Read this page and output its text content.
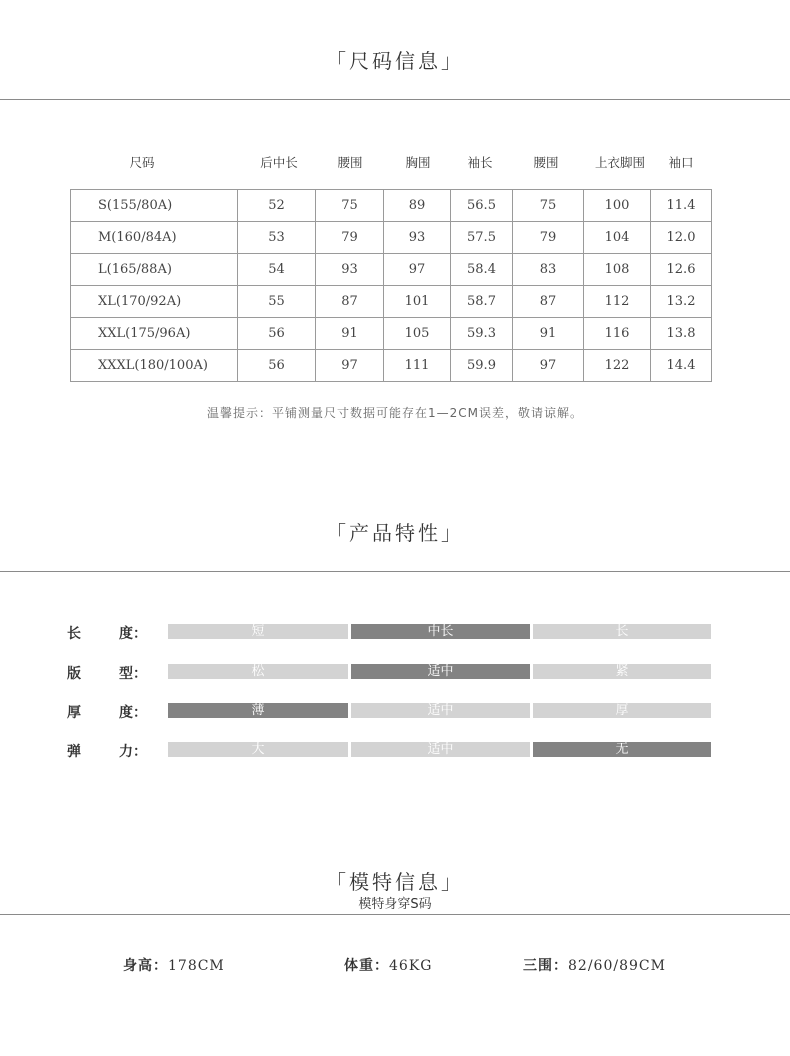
「尺码信息」
尺码	后中长	腰围	胸围	袖长	腰围	上衣脚围	袖口
S(155/80A)	52	75	89	56.5	75	100	11.4
M(160/84A)	53	79	93	57.5	79	104	12.0
L(165/88A)	54	93	97	58.4	83	108	12.6
XL(170/92A)	55	87	101	58.7	87	112	13.2
XXL(175/96A)	56	91	105	59.3	91	116	13.8
XXXL(180/100A)	56	97	111	59.9	97	122	14.4
温馨提示：平铺测量尺寸数据可能存在1—2CM误差，敬请谅解。
「产品特性」
长	度：	短	中长	长
版	型：	松	适中	紧
厚	度：	薄	适中	厚
弹	力：	大	适中	无
「模特信息」
模特身穿S码
身高：178CM	体重：46KG	三围：82/60/89CM
